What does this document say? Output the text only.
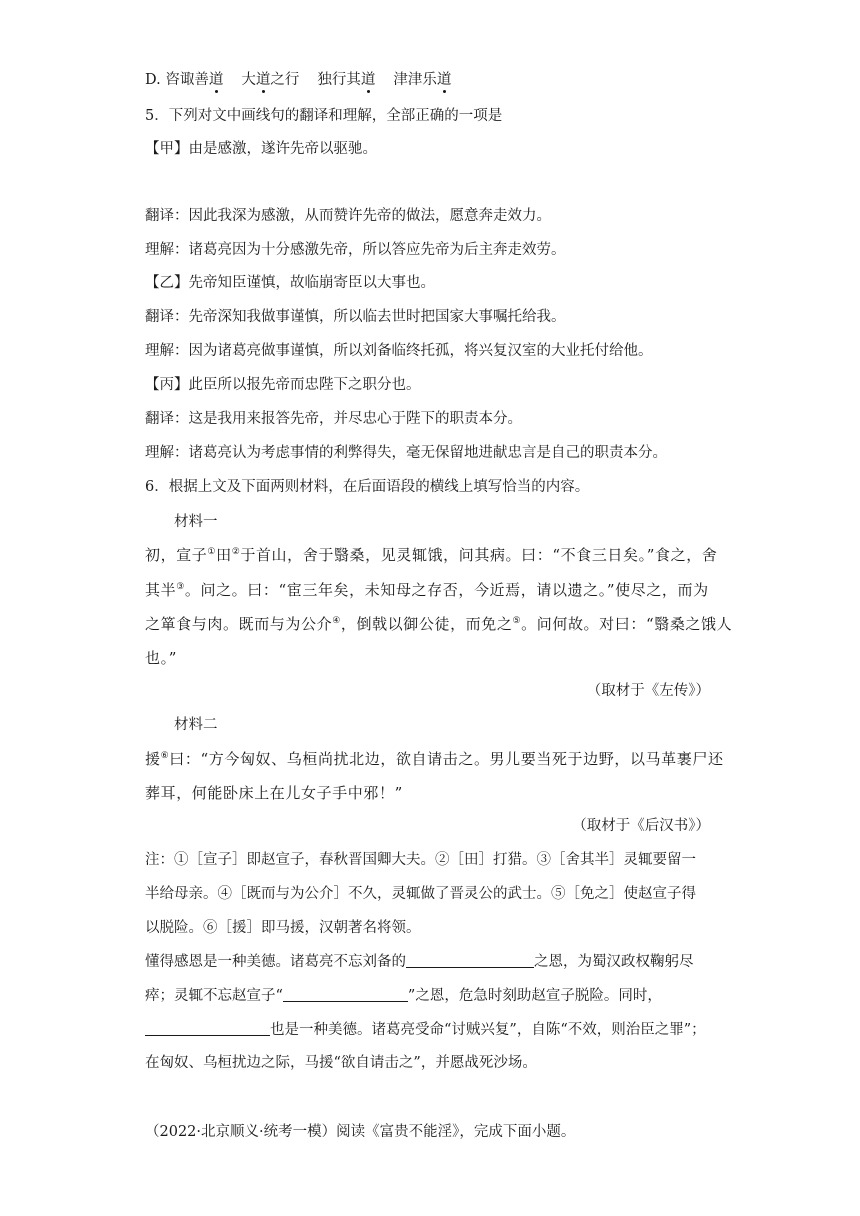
D. 咨诹善道 大道之行 独行其道 津津乐道
5．下列对文中画线句的翻译和理解，全部正确的一项是
【甲】由是感激，遂许先帝以驱驰。
翻译：因此我深为感激，从而赞许先帝的做法，愿意奔走效力。
理解：诸葛亮因为十分感激先帝，所以答应先帝为后主奔走效劳。
【乙】先帝知臣谨慎，故临崩寄臣以大事也。
翻译：先帝深知我做事谨慎，所以临去世时把国家大事嘱托给我。
理解：因为诸葛亮做事谨慎，所以刘备临终托孤，将兴复汉室的大业托付给他。
【丙】此臣所以报先帝而忠陛下之职分也。
翻译：这是我用来报答先帝，并尽忠心于陛下的职责本分。
理解：诸葛亮认为考虑事情的利弊得失，毫无保留地进献忠言是自己的职责本分。
6．根据上文及下面两则材料，在后面语段的横线上填写恰当的内容。
材料一
初，宣子①田②于首山，舍于翳桑，见灵辄饿，问其病。曰：“不食三日矣。”食之，舍
其半③。问之。曰：“宦三年矣，未知母之存否，今近焉，请以遗之。”使尽之，而为
之箪食与肉。既而与为公介④，倒戟以御公徒，而免之⑤。问何故。对曰：“翳桑之饿人
也。”
（取材于《左传》）
材料二
援⑥曰：“方今匈奴、乌桓尚扰北边，欲自请击之。男儿要当死于边野，以马革裹尸还
葬耳，何能卧床上在儿女子手中邪！”
（取材于《后汉书》）
注：①［宣子］即赵宣子，春秋晋国卿大夫。②［田］打猎。③［舍其半］灵辄要留一
半给母亲。④［既而与为公介］不久，灵辄做了晋灵公的武士。⑤［免之］使赵宣子得
以脱险。⑥［援］即马援，汉朝著名将领。
懂得感恩是一种美德。诸葛亮不忘刘备的	之恩，为蜀汉政权鞠躬尽
瘁；灵辄不忘赵宣子“	”之恩，危急时刻助赵宣子脱险。同时，
也是一种美德。诸葛亮受命“讨贼兴复”，自陈“不效，则治臣之罪”；
在匈奴、乌桓扰边之际，马援“欲自请击之”，并愿战死沙场。
（2022·北京顺义·统考一模）阅读《富贵不能淫》，完成下面小题。
